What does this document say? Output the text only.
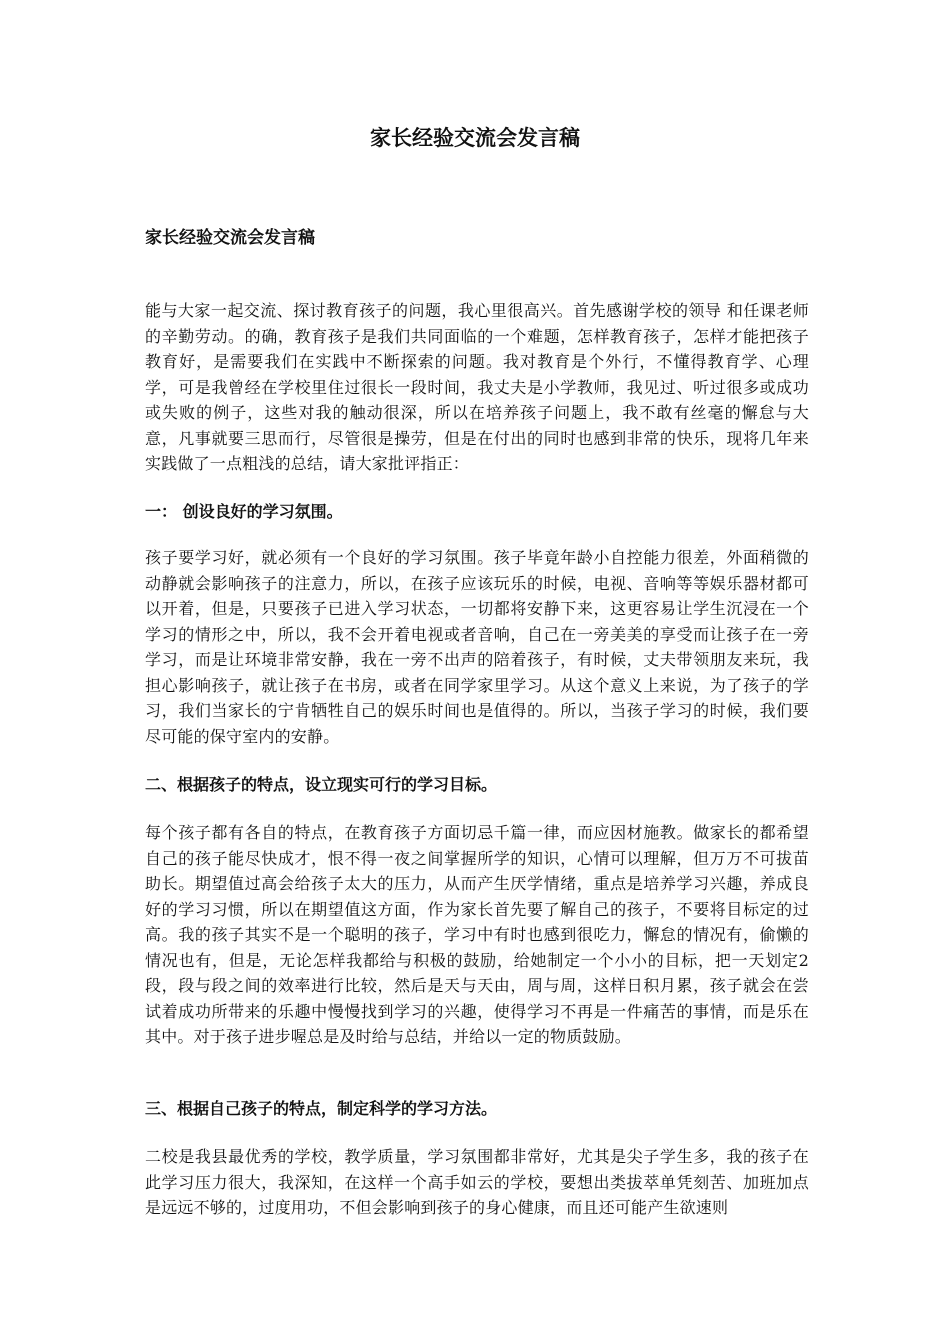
家长经验交流会发言稿
家长经验交流会发言稿

能与大家一起交流、探讨教育孩子的问题，我心里很高兴。首先感谢学校的领导 和任课老师的辛勤劳动。的确，教育孩子是我们共同面临的一个难题，怎样教育孩子，怎样才能把孩子教育好，是需要我们在实践中不断探索的问题。我对教育是个外行，不懂得教育学、心理学，可是我曾经在学校里住过很长一段时间，我丈夫是小学教师，我见过、听过很多或成功或失败的例子，这些对我的触动很深，所以在培养孩子问题上，我不敢有丝毫的懈怠与大意，凡事就要三思而行，尽管很是操劳，但是在付出的同时也感到非常的快乐，现将几年来实践做了一点粗浅的总结，请大家批评指正：

一： 创设良好的学习氛围。

孩子要学习好，就必须有一个良好的学习氛围。孩子毕竟年龄小自控能力很差，外面稍微的动静就会影响孩子的注意力，所以，在孩子应该玩乐的时候，电视、音响等等娱乐器材都可以开着，但是，只要孩子已进入学习状态，一切都将安静下来，这更容易让学生沉浸在一个学习的情形之中，所以，我不会开着电视或者音响，自己在一旁美美的享受而让孩子在一旁学习，而是让环境非常安静，我在一旁不出声的陪着孩子，有时候，丈夫带领朋友来玩，我担心影响孩子，就让孩子在书房，或者在同学家里学习。从这个意义上来说，为了孩子的学习，我们当家长的宁肯牺牲自己的娱乐时间也是值得的。所以，当孩子学习的时候，我们要尽可能的保守室内的安静。

二、根据孩子的特点，设立现实可行的学习目标。

每个孩子都有各自的特点，在教育孩子方面切忌千篇一律，而应因材施教。做家长的都希望自己的孩子能尽快成才，恨不得一夜之间掌握所学的知识，心情可以理解，但万万不可拔苗助长。期望值过高会给孩子太大的压力，从而产生厌学情绪，重点是培养学习兴趣，养成良好的学习习惯，所以在期望值这方面，作为家长首先要了解自己的孩子，不要将目标定的过高。我的孩子其实不是一个聪明的孩子，学习中有时也感到很吃力，懈怠的情况有，偷懒的情况也有，但是，无论怎样我都给与积极的鼓励，给她制定一个小小的目标，把一天划定2段，段与段之间的效率进行比较，然后是天与天由，周与周，这样日积月累，孩子就会在尝试着成功所带来的乐趣中慢慢找到学习的兴趣，使得学习不再是一件痛苦的事情，而是乐在其中。对于孩子进步喔总是及时给与总结，并给以一定的物质鼓励。

三、根据自己孩子的特点，制定科学的学习方法。

二校是我县最优秀的学校，教学质量，学习氛围都非常好，尤其是尖子学生多，我的孩子在此学习压力很大，我深知，在这样一个高手如云的学校，要想出类拔萃单凭刻苦、加班加点是远远不够的，过度用功，不但会影响到孩子的身心健康，而且还可能产生欲速则
